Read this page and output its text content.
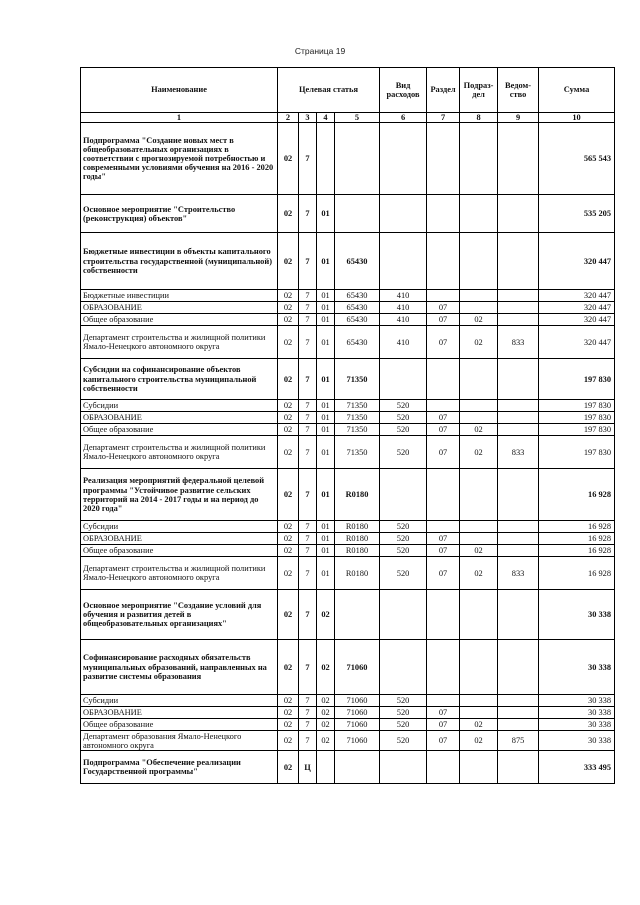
Страница 19
Наименование	Целевая статья				Вид расходов	Раздел	Подраз- дел	Ведом- ство	Сумма
1	2	3	4	5	6	7	8	9	10
Подпрограмма "Создание новых мест в общеобразовательных организациях в соответствии с прогнозируемой потребностью и современными условиями обучения на 2016 - 2020 годы"	02	7							565 543
Основное мероприятие "Строительство (реконструкция) объектов"	02	7	01						535 205
Бюджетные инвестиции в объекты капитального строительства государственной (муниципальной) собственности	02	7	01	65430					320 447
Бюджетные инвестиции	02	7	01	65430	410				320 447
ОБРАЗОВАНИЕ	02	7	01	65430	410	07			320 447
Общее образование	02	7	01	65430	410	07	02		320 447
Департамент строительства и жилищной политики Ямало-Ненецкого автономного округа	02	7	01	65430	410	07	02	833	320 447
Субсидии на софинансирование объектов капитального строительства муниципальной собственности	02	7	01	71350					197 830
Субсидии	02	7	01	71350	520				197 830
ОБРАЗОВАНИЕ	02	7	01	71350	520	07			197 830
Общее образование	02	7	01	71350	520	07	02		197 830
Департамент строительства и жилищной политики Ямало-Ненецкого автономного округа	02	7	01	71350	520	07	02	833	197 830
Реализация мероприятий федеральной целевой программы "Устойчивое развитие сельских территорий на 2014 - 2017 годы и на период до 2020 года"	02	7	01	R0180					16 928
Субсидии	02	7	01	R0180	520				16 928
ОБРАЗОВАНИЕ	02	7	01	R0180	520	07			16 928
Общее образование	02	7	01	R0180	520	07	02		16 928
Департамент строительства и жилищной политики Ямало-Ненецкого автономного округа	02	7	01	R0180	520	07	02	833	16 928
Основное мероприятие "Создание условий для обучения и развития детей в общеобразовательных организациях"	02	7	02						30 338
Софинансирование расходных обязательств муниципальных образований, направленных на развитие системы образования	02	7	02	71060					30 338
Субсидии	02	7	02	71060	520				30 338
ОБРАЗОВАНИЕ	02	7	02	71060	520	07			30 338
Общее образование	02	7	02	71060	520	07	02		30 338
Департамент образования Ямало-Ненецкого автономного округа	02	7	02	71060	520	07	02	875	30 338
Подпрограмма "Обеспечение реализации Государственной программы"	02	Ц							333 495
